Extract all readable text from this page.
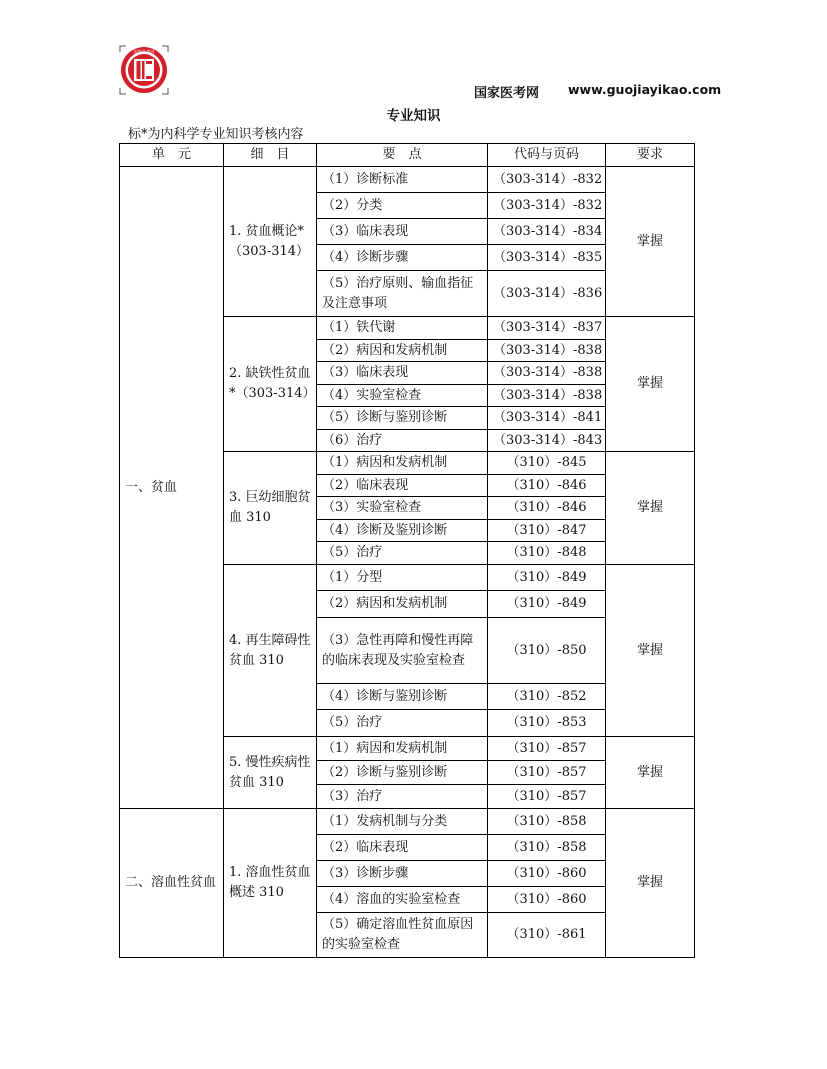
国家医考网
国家医考网 www.guojiayikao.com
专业知识
标*为内科学专业知识考核内容
单　元	细　目	要　点	代码与页码	要求
一、贫血	1. 贫血概论*（303-314）	（1）诊断标准	（303-314）-832	掌握
		（2）分类	（303-314）-832	
		（3）临床表现	（303-314）-834	
		（4）诊断步骤	（303-314）-835	
		（5）治疗原则、输血指征及注意事项	（303-314）-836	
	2. 缺铁性贫血*（303-314）	（1）铁代谢	（303-314）-837	掌握
		（2）病因和发病机制	（303-314）-838	
		（3）临床表现	（303-314）-838	
		（4）实验室检查	（303-314）-838	
		（5）诊断与鉴别诊断	（303-314）-841	
		（6）治疗	（303-314）-843	
	3. 巨幼细胞贫血 310	（1）病因和发病机制	（310）-845	掌握
		（2）临床表现	（310）-846	
		（3）实验室检查	（310）-846	
		（4）诊断及鉴别诊断	（310）-847	
		（5）治疗	（310）-848	
	4. 再生障碍性贫血 310	（1）分型	（310）-849	掌握
		（2）病因和发病机制	（310）-849	
		（3）急性再障和慢性再障的临床表现及实验室检查	（310）-850	
		（4）诊断与鉴别诊断	（310）-852	
		（5）治疗	（310）-853	
	5. 慢性疾病性贫血 310	（1）病因和发病机制	（310）-857	掌握
		（2）诊断与鉴别诊断	（310）-857	
		（3）治疗	（310）-857	
二、溶血性贫血	1. 溶血性贫血概述 310	（1）发病机制与分类	（310）-858	掌握
		（2）临床表现	（310）-858	
		（3）诊断步骤	（310）-860	
		（4）溶血的实验室检查	（310）-860	
		（5）确定溶血性贫血原因的实验室检查	（310）-861	
